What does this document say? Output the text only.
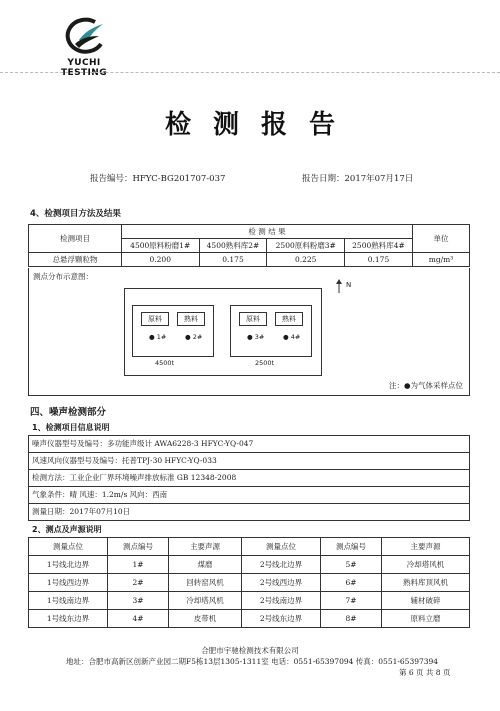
YUCHI TESTING
检测报告
报告编号：HFYC-BG201707-037	报告日期：2017年07月17日
4、检测项目方法及结果
检测项目	检 测 结 果				单位
	4500原料粉磨1#	4500熟料库2#	2500原料粉磨3#	2500熟料库4#	
总悬浮颗粒物	0.200	0.175	0.225	0.175	mg/m³
测点分布示意图：
原料	熟料
● 1#	● 2#
4500t
原料	熟料
● 3#	● 4#
2500t
N
注：●为气体采样点位
四、噪声检测部分
1、检测项目信息说明
噪声仪器型号及编号：多功能声级计 AWA6228-3 HFYC-YQ-047
风速风向仪器型号及编号：托普TPJ-30 HFYC-YQ-033
检测方法：工业企业厂界环境噪声排放标准 GB 12348-2008
气象条件：晴 风速：1.2m/s 风向：西南
测量日期：2017年07月10日
2、测点及声源说明
测量点位	测点编号	主要声源	测量点位	测点编号	主要声源
1号线北边界	1#	煤磨	2号线北边界	5#	冷却塔风机
1号线西边界	2#	回转窑风机	2号线西边界	6#	熟料库顶风机
1号线南边界	3#	冷却塔风机	2号线南边界	7#	辅材破碎
1号线东边界	4#	皮带机	2号线东边界	8#	原料立磨
合肥市宇驰检测技术有限公司
地址：合肥市高新区创新产业园二期F5栋13层1305-1311室 电话：0551-65397094 传真：0551-65397394
第 6 页 共 8 页
